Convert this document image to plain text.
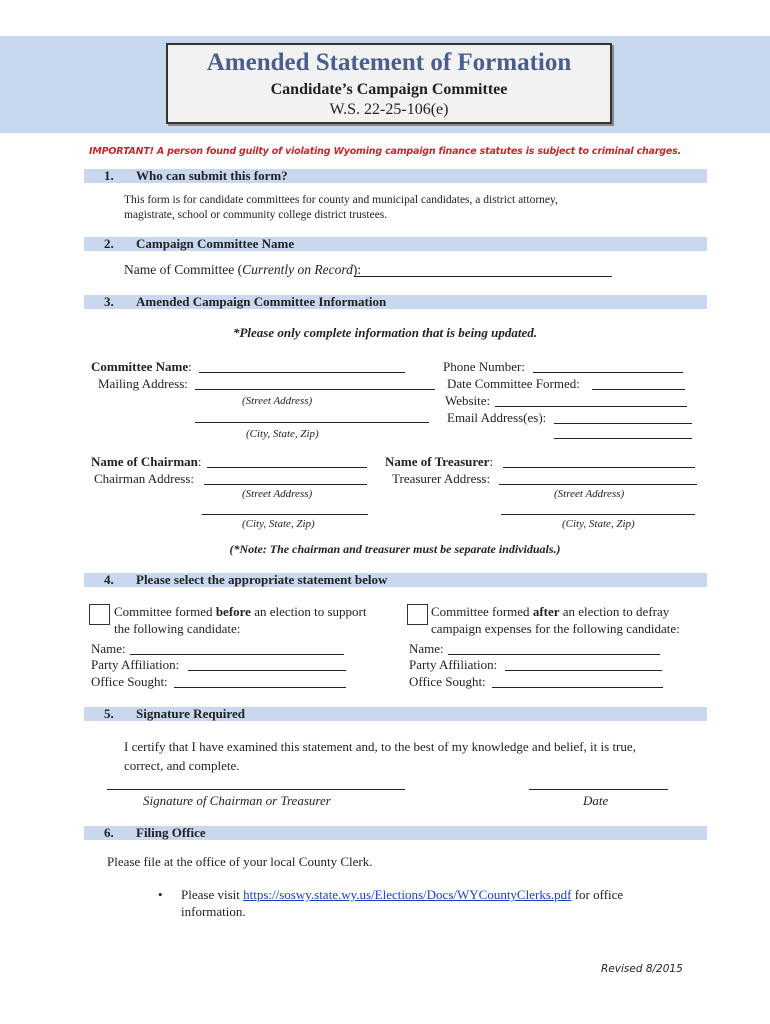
Amended Statement of Formation
Candidate’s Campaign Committee
W.S. 22-25-106(e)
IMPORTANT! A person found guilty of violating Wyoming campaign finance statutes is subject to criminal charges.
1. Who can submit this form?
This form is for candidate committees for county and municipal candidates, a district attorney,
magistrate, school or community college district trustees.
2. Campaign Committee Name
Name of Committee (Currently on Record):
3. Amended Campaign Committee Information
*Please only complete information that is being updated.
Committee Name:
Mailing Address:
(Street Address)
(City, State, Zip)
Phone Number:
Date Committee Formed:
Website:
Email Address(es):
Name of Chairman:
Chairman Address:
(Street Address)
(City, State, Zip)
Name of Treasurer:
Treasurer Address:
(Street Address)
(City, State, Zip)
(*Note: The chairman and treasurer must be separate individuals.)
4. Please select the appropriate statement below
Committee formed before an election to support
the following candidate:
Committee formed after an election to defray
campaign expenses for the following candidate:
Name:
Party Affiliation:
Office Sought:
Name:
Party Affiliation:
Office Sought:
5. Signature Required
I certify that I have examined this statement and, to the best of my knowledge and belief, it is true,
correct, and complete.
Signature of Chairman or Treasurer	Date
6. Filing Office
Please file at the office of your local County Clerk.
• Please visit https://soswy.state.wy.us/Elections/Docs/WYCountyClerks.pdf for office
information.
Revised 8/2015
